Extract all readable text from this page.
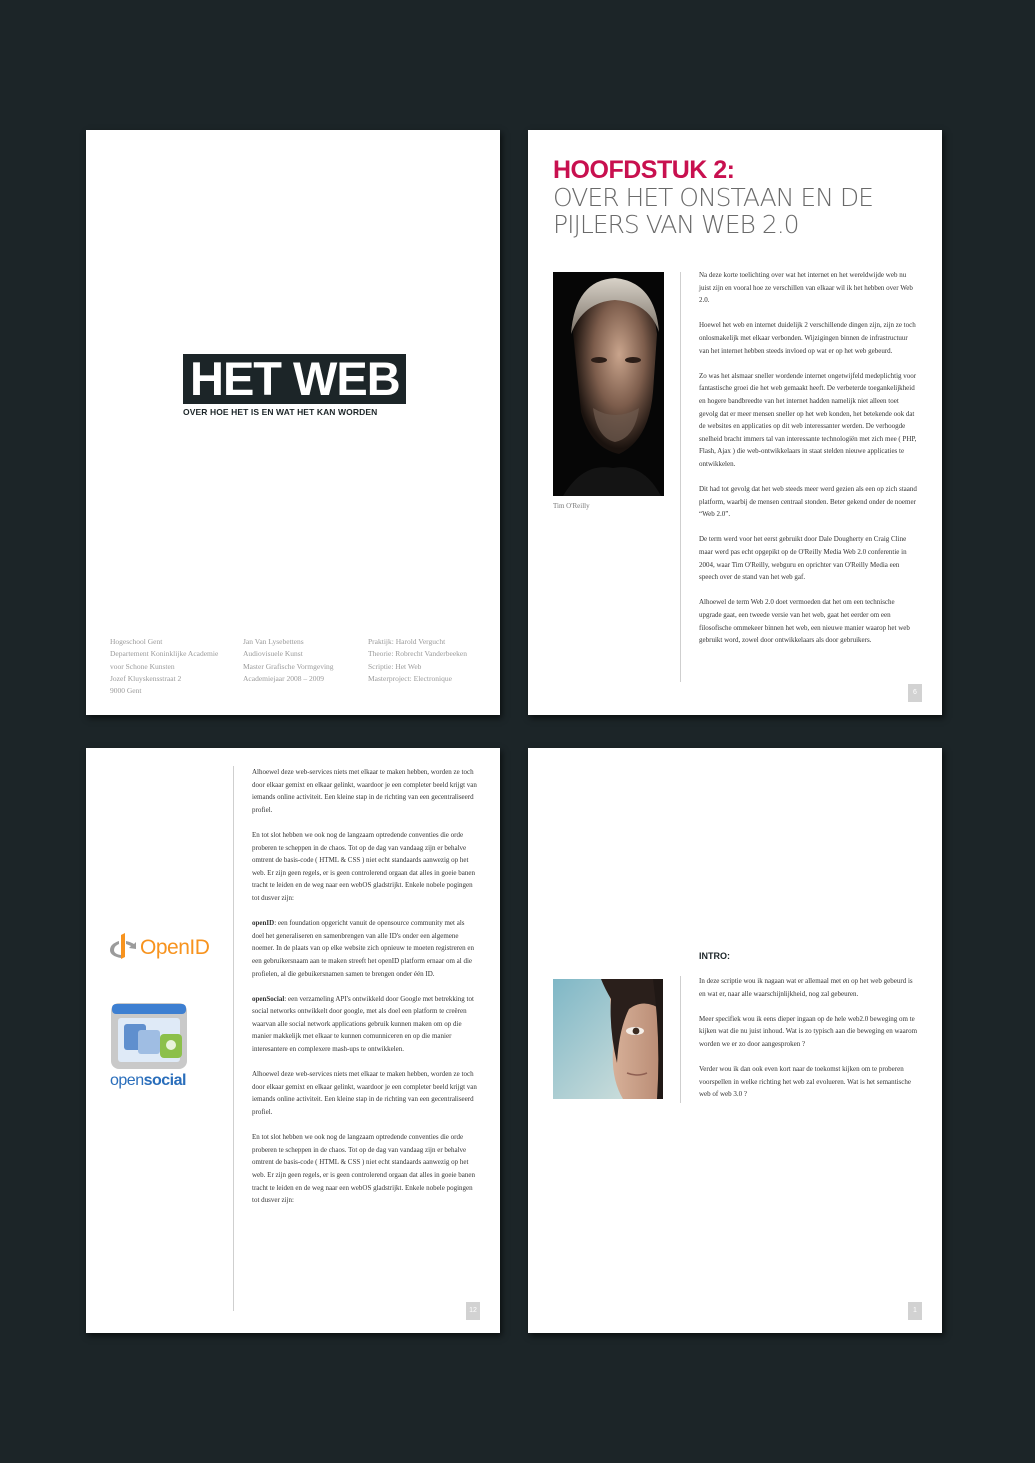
HET WEB
OVER HOE HET IS EN WAT HET KAN WORDEN
Hogeschool Gent
Departement Koninklijke Academie
voor Schone Kunsten
Jozef Kluyskensstraat 2
9000 Gent
Jan Van Lysebettens
Audiovisuele Kunst
Master Grafische Vormgeving
Academiejaar 2008 – 2009
Praktijk: Harold Vergucht
Theorie: Robrecht Vanderbeeken
Scriptie: Het Web
Masterproject: Electronique
HOOFDSTUK 2:
OVER HET ONSTAAN EN DE PIJLERS VAN WEB 2.0
Tim O'Reilly

Na deze korte toelichting over wat het internet en het wereldwijde web nu juist zijn en vooral hoe ze verschillen van elkaar wil ik het hebben over Web 2.0.

Hoewel het web en internet duidelijk 2 verschillende dingen zijn, zijn ze toch onlosmakelijk met elkaar verbonden. Wijzigingen binnen de infrastructuur van het internet hebben steeds invloed op wat er op het web gebeurd.

Zo was het alsmaar sneller wordende internet ongetwijfeld medeplichtig voor fantastische groei die het web gemaakt heeft. De verbeterde toegankelijkheid en hogere bandbreedte van het internet hadden namelijk niet alleen toet gevolg dat er meer mensen sneller op het web konden, het betekende ook dat de websites en applicaties op dit web interessanter werden. De verhoogde snelheid bracht immers tal van interessante technologiën met zich mee ( PHP, Flash, Ajax ) die web-ontwikkelaars in staat stelden nieuwe applicaties te ontwikkelen.

Dit had tot gevolg dat het web steeds meer werd gezien als een op zich staand platform, waarbij de mensen centraal stonden. Beter gekend onder de noemer “Web 2.0”.

De term werd voor het eerst gebruikt door Dale Dougherty en Craig Cline maar werd pas echt opgepikt op de O'Reilly Media Web 2.0 conferentie in 2004, waar Tim O'Reilly, webguru en oprichter van O'Reilly Media een speech over de stand van het web gaf.

Alhoewel de term Web 2.0 doet vermoeden dat het om een technische upgrade gaat, een tweede versie van het web, gaat het eerder om een filosofische ommekeer binnen het web, een nieuwe manier waarop het web gebruikt word, zowel door ontwikkelaars als door gebruikers.

6
OpenID
opensocial

Alhoewel deze web-services niets met elkaar te maken hebben, worden ze toch door elkaar gemixt en elkaar gelinkt, waardoor je een completer beeld krijgt van iemands online activiteit. Een kleine stap in de richting van een gecentraliseerd profiel.

En tot slot hebben we ook nog de langzaam optredende conventies die orde proberen te scheppen in de chaos. Tot op de dag van vandaag zijn er behalve omtrent de basis-code ( HTML & CSS ) niet echt standaards aanwezig op het web. Er zijn geen regels, er is geen controlerend orgaan dat alles in goeie banen tracht te leiden en de weg naar een webOS gladstrijkt. Enkele nobele pogingen tot dusver zijn:

openID: een foundation opgericht vanuit de opensource community met als doel het generaliseren en samenbrengen van alle ID's onder een algemene noemer. In de plaats van op elke website zich opnieuw te moeten registreren en een gebruikersnaam aan te maken streeft het openID platform ernaar om al die profielen, al die gebuikersnamen samen te brengen onder één ID.

openSocial: een verzameling API's ontwikkeld door Google met betrekking tot social networks ontwikkelt door google, met als doel een platform te creëren waarvan alle social network applications gebruik kunnen maken om op die manier makkelijk met elkaar te kunnen comunniceren en op die manier interesantere en complexere mash-ups te ontwikkelen.

Alhoewel deze web-services niets met elkaar te maken hebben, worden ze toch door elkaar gemixt en elkaar gelinkt, waardoor je een completer beeld krijgt van iemands online activiteit. Een kleine stap in de richting van een gecentraliseerd profiel.

En tot slot hebben we ook nog de langzaam optredende conventies die orde proberen te scheppen in de chaos. Tot op de dag van vandaag zijn er behalve omtrent de basis-code ( HTML & CSS ) niet echt standaards aanwezig op het web. Er zijn geen regels, er is geen controlerend orgaan dat alles in goeie banen tracht te leiden en de weg naar een webOS gladstrijkt. Enkele nobele pogingen tot dusver zijn:

12
INTRO:

In deze scriptie wou ik nagaan wat er allemaal met en op het web gebeurd is en wat er, naar alle waarschijnlijkheid, nog zal gebeuren.

Meer specifiek wou ik eens dieper ingaan op de hele web2.0 beweging om te kijken wat die nu juist inhoud. Wat is zo typisch aan die beweging en waarom worden we er zo door aangesproken ?

Verder wou ik dan ook even kort naar de toekomst kijken om te proberen voorspellen in welke richting het web zal evolueren. Wat is het semantische web of web 3.0 ?

1
